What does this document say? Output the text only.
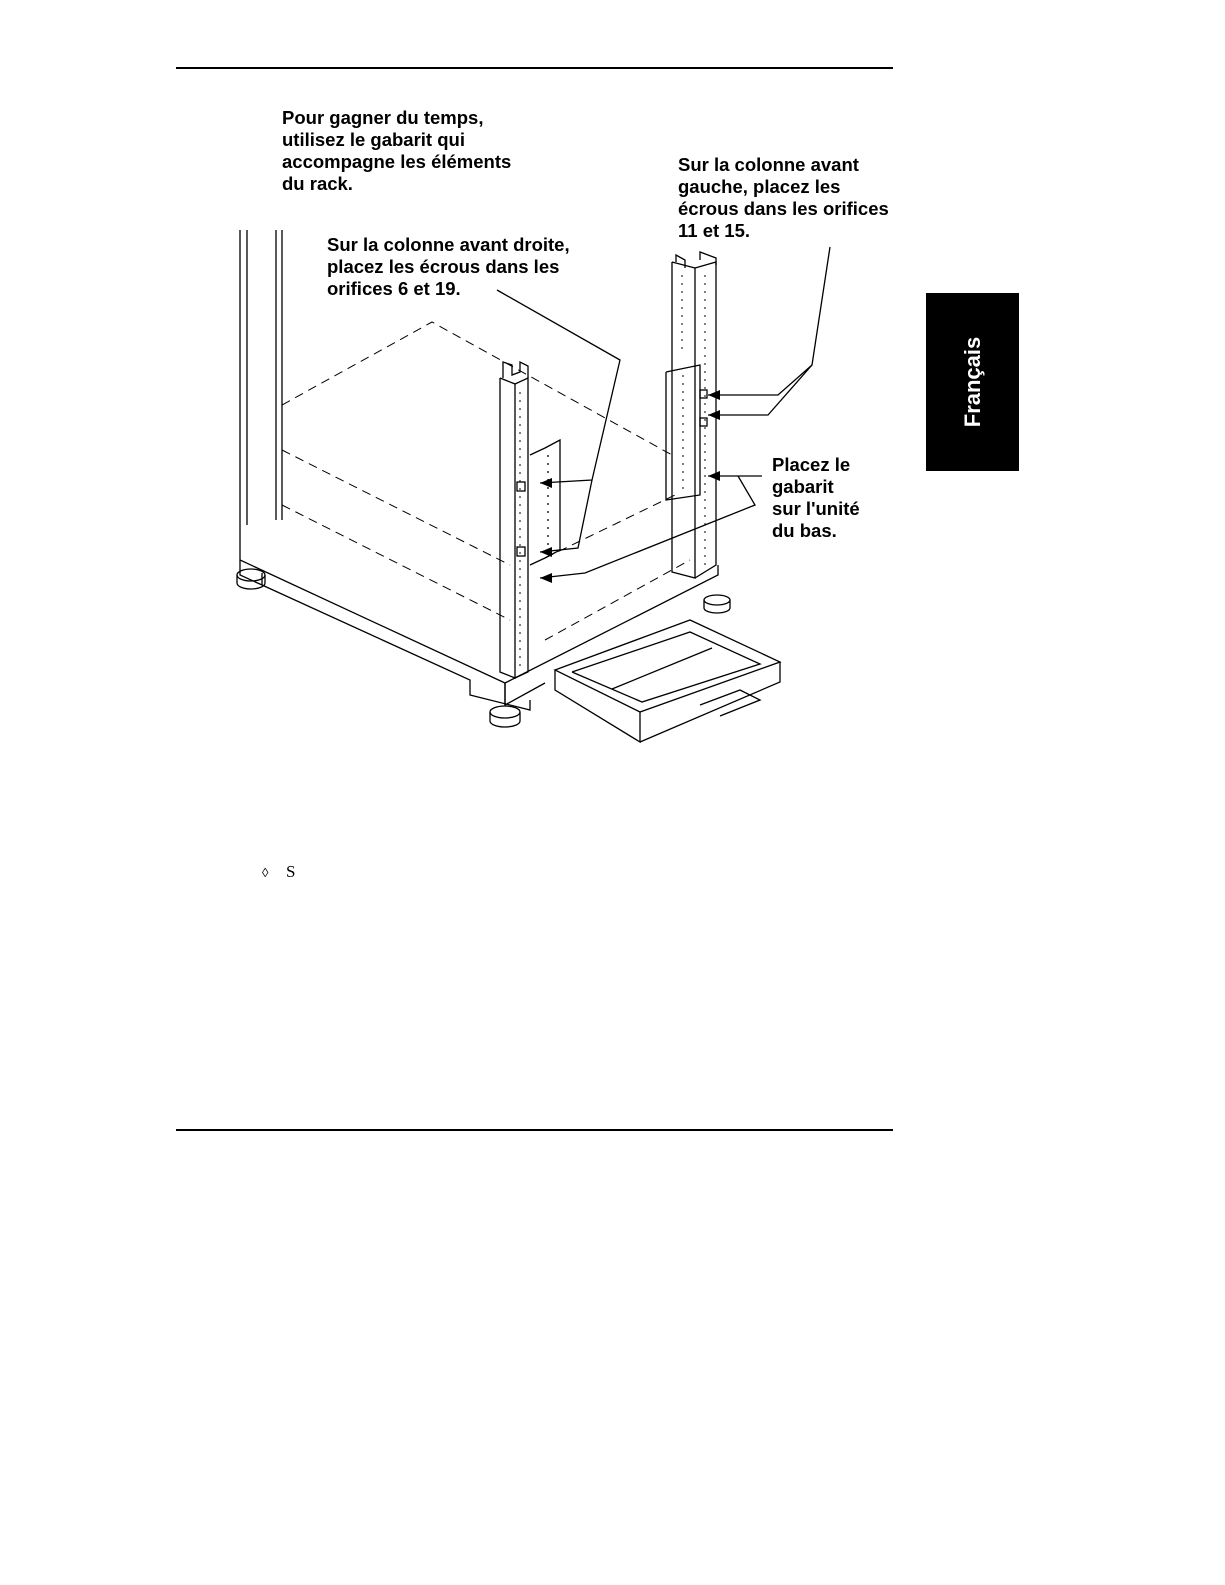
Pour gagner du temps,
utilisez le gabarit qui
accompagne les éléments
du rack.
Sur la colonne avant droite,
placez les écrous dans les
orifices 6 et 19.
Sur la colonne avant
gauche, placez les
écrous dans les orifices
11 et 15.
Placez le
gabarit
sur l'unité
du bas.
Français
◊ S
